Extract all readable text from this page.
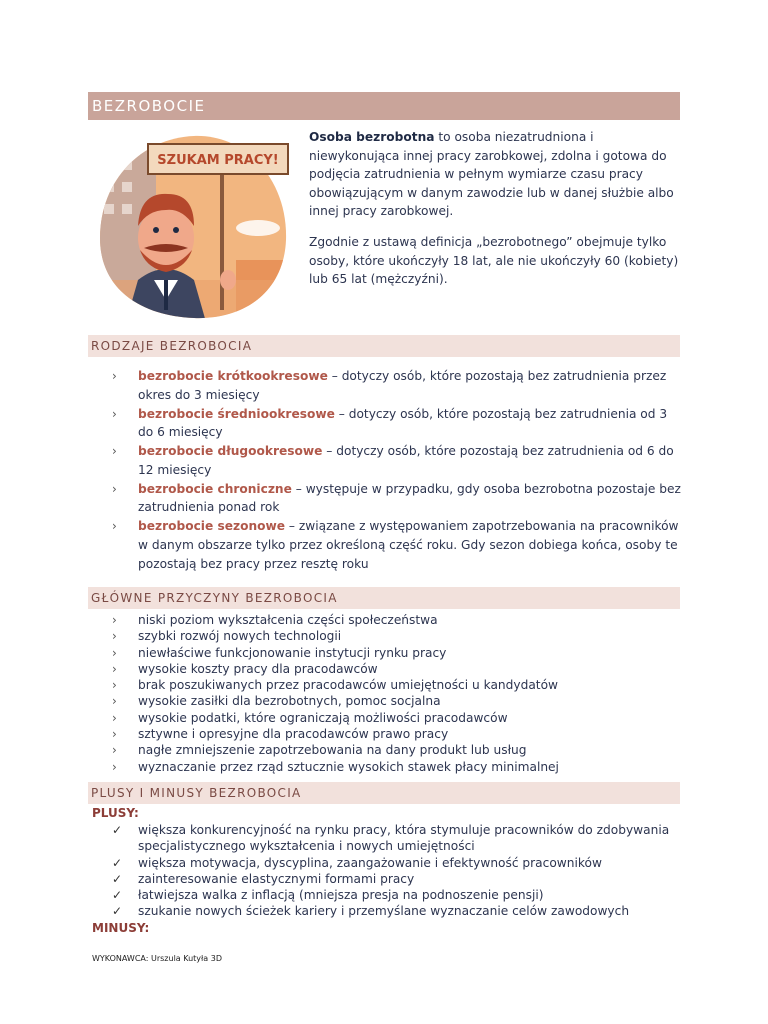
BEZROBOCIE
SZUKAM PRACY!

Osoba bezrobotna to osoba niezatrudniona i niewykonująca innej pracy zarobkowej, zdolna i gotowa do podjęcia zatrudnienia w pełnym wymiarze czasu pracy obowiązującym w danym zawodzie lub w danej służbie albo innej pracy zarobkowej.

Zgodnie z ustawą definicja „bezrobotnego” obejmuje tylko osoby, które ukończyły 18 lat, ale nie ukończyły 60 (kobiety) lub 65 lat (mężczyźni).

RODZAJE BEZROBOCIA
› bezrobocie krótkookresowe – dotyczy osób, które pozostają bez zatrudnienia przez okres do 3 miesięcy
› bezrobocie średniookresowe – dotyczy osób, które pozostają bez zatrudnienia od 3 do 6 miesięcy
› bezrobocie długookresowe – dotyczy osób, które pozostają bez zatrudnienia od 6 do 12 miesięcy
› bezrobocie chroniczne – występuje w przypadku, gdy osoba bezrobotna pozostaje bez zatrudnienia ponad rok
› bezrobocie sezonowe – związane z występowaniem zapotrzebowania na pracowników w danym obszarze tylko przez określoną część roku. Gdy sezon dobiega końca, osoby te pozostają bez pracy przez resztę roku
GŁÓWNE PRZYCZYNY BEZROBOCIA
› niski poziom wykształcenia części społeczeństwa
› szybki rozwój nowych technologii
› niewłaściwe funkcjonowanie instytucji rynku pracy
› wysokie koszty pracy dla pracodawców
› brak poszukiwanych przez pracodawców umiejętności u kandydatów
› wysokie zasiłki dla bezrobotnych, pomoc socjalna
› wysokie podatki, które ograniczają możliwości pracodawców
› sztywne i opresyjne dla pracodawców prawo pracy
› nagłe zmniejszenie zapotrzebowania na dany produkt lub usług
› wyznaczanie przez rząd sztucznie wysokich stawek płacy minimalnej
PLUSY I MINUSY BEZROBOCIA
PLUSY:
✓ większa konkurencyjność na rynku pracy, która stymuluje pracowników do zdobywania specjalistycznego wykształcenia i nowych umiejętności
✓ większa motywacja, dyscyplina, zaangażowanie i efektywność pracowników
✓ zainteresowanie elastycznymi formami pracy
✓ łatwiejsza walka z inflacją (mniejsza presja na podnoszenie pensji)
✓ szukanie nowych ścieżek kariery i przemyślane wyznaczanie celów zawodowych
MINUSY:
WYKONAWCA: Urszula Kutyła 3D
